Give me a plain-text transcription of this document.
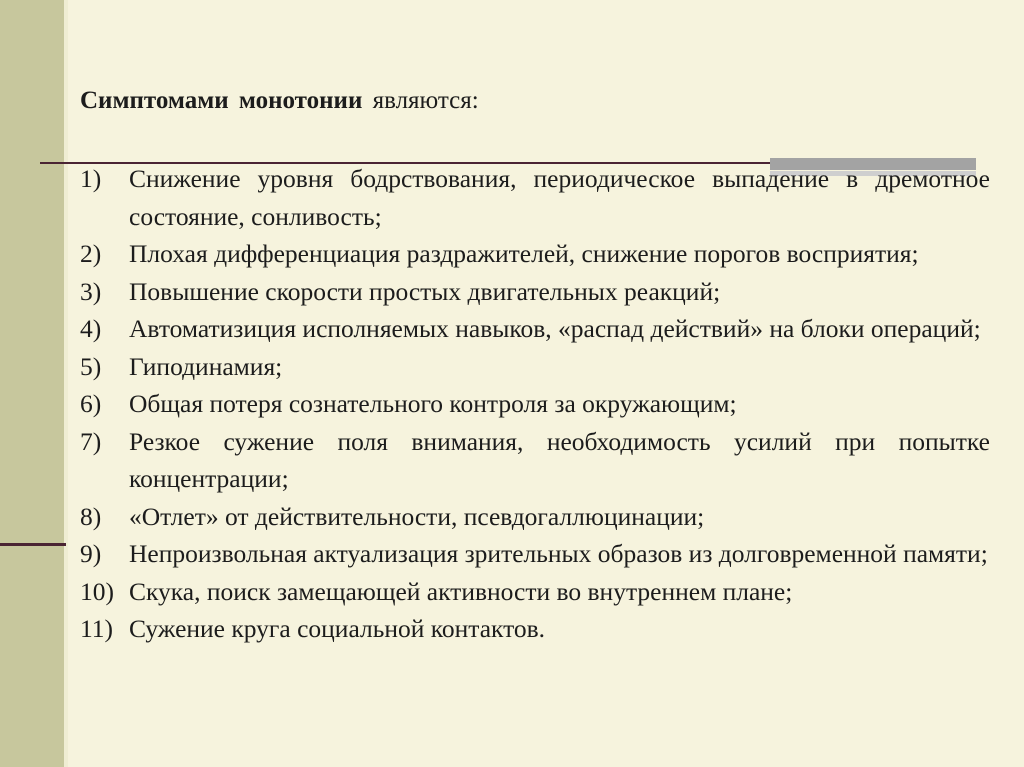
Симптомами монотонии являются:
1)	Снижение уровня бодрствования, периодическое выпадение в дремотное состояние, сонливость;
2)	Плохая дифференциация раздражителей, снижение порогов восприятия;
3)	Повышение скорости простых двигательных реакций;
4)	Автоматизиция исполняемых навыков, «распад действий» на блоки операций;
5)	Гиподинамия;
6)	Общая потеря сознательного контроля за окружающим;
7)	Резкое сужение поля внимания, необходимость усилий при попытке концентрации;
8)	«Отлет» от действительности, псевдогаллюцинации;
9)	Непроизвольная актуализация зрительных образов из долговременной памяти;
10) Скука, поиск замещающей активности во внутреннем плане;
11) Сужение круга социальной контактов.
